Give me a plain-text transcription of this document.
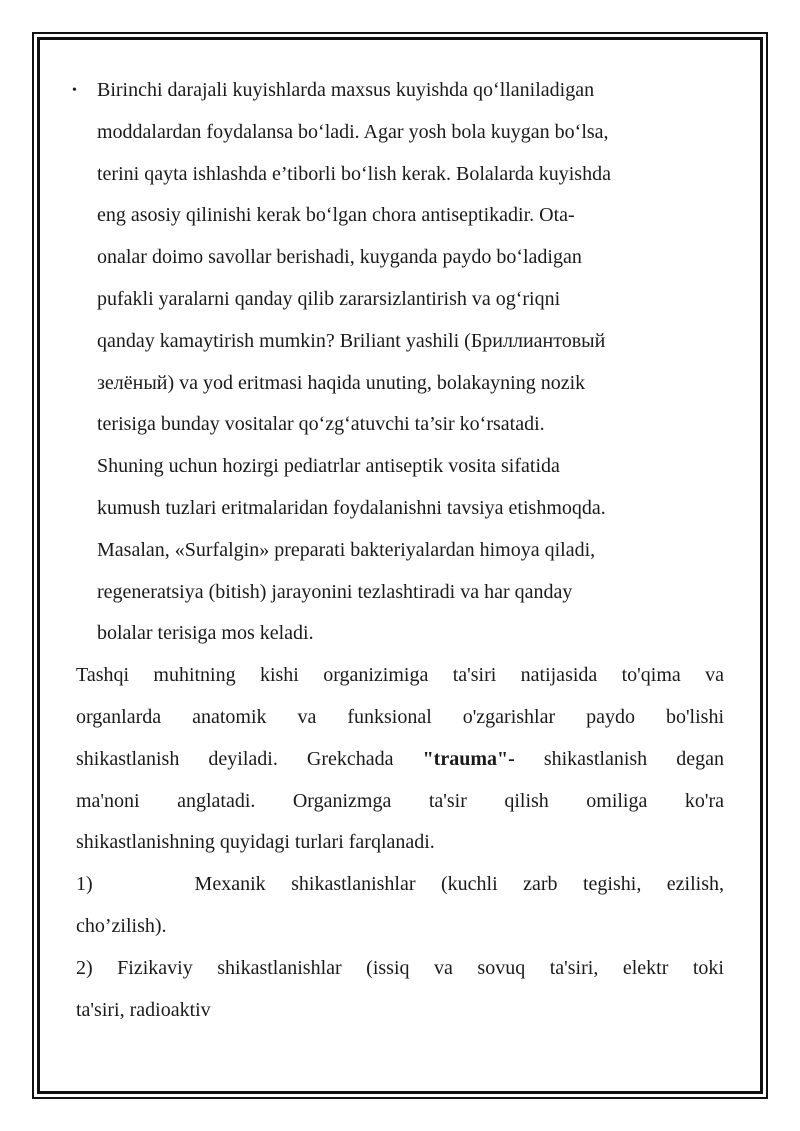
• Birinchi darajali kuyishlarda maxsus kuyishda qo‘llaniladigan
moddalardan foydalansa bo‘ladi. Agar yosh bola kuygan bo‘lsa,
terini qayta ishlashda e’tiborli bo‘lish kerak. Bolalarda kuyishda
eng asosiy qilinishi kerak bo‘lgan chora antiseptikadir. Ota-
onalar doimo savollar berishadi, kuyganda paydo bo‘ladigan
pufakli yaralarni qanday qilib zararsizlantirish va og‘riqni
qanday kamaytirish mumkin? Briliant yashili (Бриллиантовый
зелёный) va yod eritmasi haqida unuting, bolakayning nozik
terisiga bunday vositalar qo‘zg‘atuvchi ta’sir ko‘rsatadi.
Shuning uchun hozirgi pediatrlar antiseptik vosita sifatida
kumush tuzlari eritmalaridan foydalanishni tavsiya etishmoqda.
Masalan, «Surfalgin» preparati bakteriyalardan himoya qiladi,
regeneratsiya (bitish) jarayonini tezlashtiradi va har qanday
bolalar terisiga mos keladi.
Tashqi muhitning kishi organizimiga ta'siri natijasida to'qima va
organlarda anatomik va funksional o'zgarishlar paydo bo'lishi
shikastlanish deyiladi. Grekchada "trauma"- shikastlanish degan
ma'noni anglatadi. Organizmga ta'sir qilish omiliga ko'ra
shikastlanishning quyidagi turlari farqlanadi.
1)    Mexanik shikastlanishlar (kuchli zarb tegishi, ezilish,
cho’zilish).
2) Fizikaviy shikastlanishlar (issiq va sovuq ta'siri, elektr toki
ta'siri, radioaktiv
